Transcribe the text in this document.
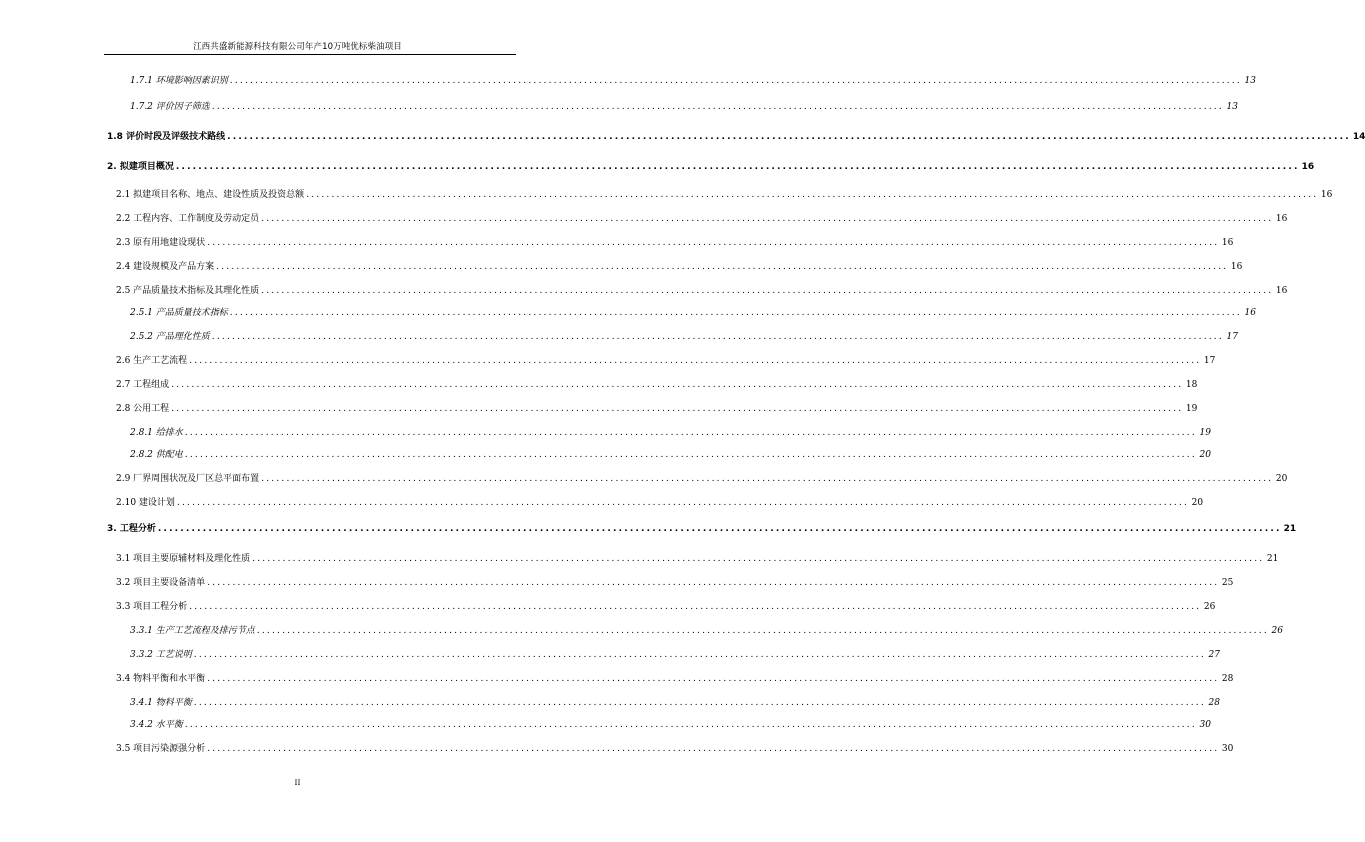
江西共盛新能源科技有限公司年产10万吨优标柴油项目
1.7.1 环境影响因素识别 ........................................................................................................................................................................................................ 13
1.7.2 评价因子筛选 ........................................................................................................................................................................................................ 13
1.8 评价时段及评级技术路线 ........................................................................................................................................................................................................ 14
2. 拟建项目概况 ........................................................................................................................................................................................................ 16
2.1 拟建项目名称、地点、建设性质及投资总额 ........................................................................................................................................................................................................ 16
2.2 工程内容、工作制度及劳动定员 ........................................................................................................................................................................................................ 16
2.3 原有用地建设现状 ........................................................................................................................................................................................................ 16
2.4 建设规模及产品方案 ........................................................................................................................................................................................................ 16
2.5 产品质量技术指标及其理化性质 ........................................................................................................................................................................................................ 16
2.5.1 产品质量技术指标 ........................................................................................................................................................................................................ 16
2.5.2 产品理化性质 ........................................................................................................................................................................................................ 17
2.6 生产工艺流程 ........................................................................................................................................................................................................ 17
2.7 工程组成 ........................................................................................................................................................................................................ 18
2.8 公用工程 ........................................................................................................................................................................................................ 19
2.8.1 给排水 ........................................................................................................................................................................................................ 19
2.8.2 供配电 ........................................................................................................................................................................................................ 20
2.9 厂界周围状况及厂区总平面布置 ........................................................................................................................................................................................................ 20
2.10 建设计划 ........................................................................................................................................................................................................ 20
3. 工程分析 ........................................................................................................................................................................................................ 21
3.1 项目主要原辅材料及理化性质 ........................................................................................................................................................................................................ 21
3.2 项目主要设备清单 ........................................................................................................................................................................................................ 25
3.3 项目工程分析 ........................................................................................................................................................................................................ 26
3.3.1 生产工艺流程及排污节点 ........................................................................................................................................................................................................ 26
3.3.2 工艺说明 ........................................................................................................................................................................................................ 27
3.4 物料平衡和水平衡 ........................................................................................................................................................................................................ 28
3.4.1 物料平衡 ........................................................................................................................................................................................................ 28
3.4.2 水平衡 ........................................................................................................................................................................................................ 30
3.5 项目污染源强分析 ........................................................................................................................................................................................................ 30
II
